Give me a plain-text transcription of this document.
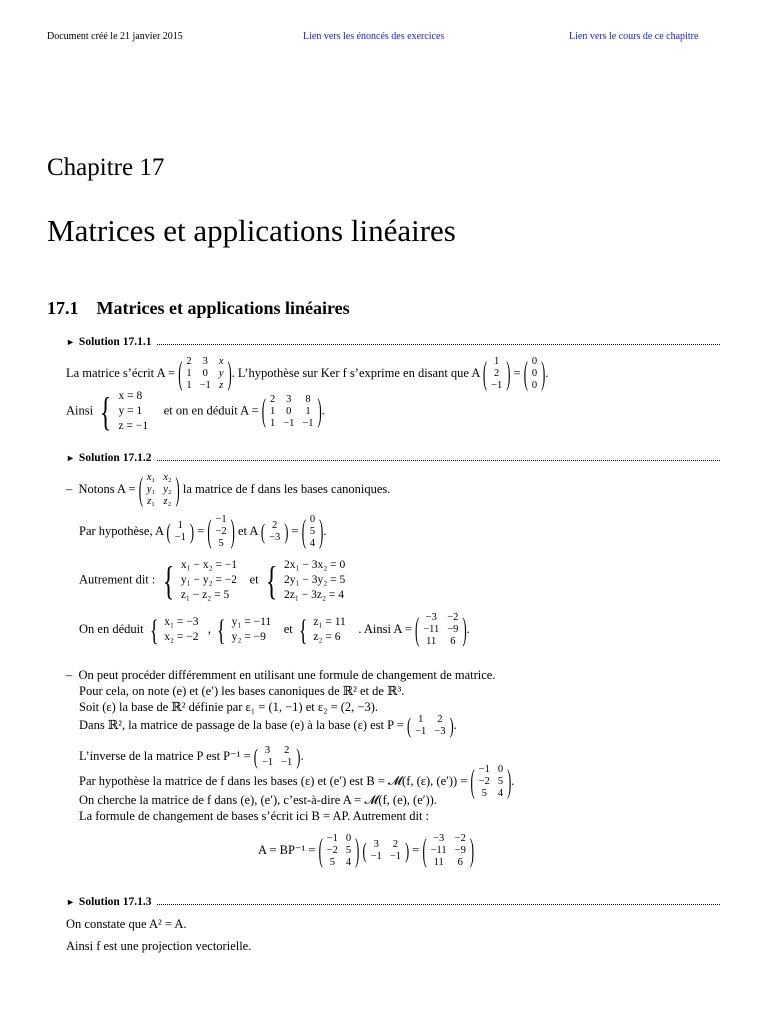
Document créé le 21 janvier 2015	Lien vers les énoncés des exercices	Lien vers le cours de ce chapitre
Chapitre 17
Matrices et applications linéaires
17.1 Matrices et applications linéaires
► Solution 17.1.1
La matrice s’écrit A = ( 2	3	x
1	0	y
1	−1	z ) . L’hypothèse sur Ker f s’exprime en disant que A ( 1
2
−1 ) = ( 0
0
0 ) .
Ainsi { x = 8
y = 1
z = −1
et on en déduit A = ( 2	3	8
1	0	1
1	−1	−1 ) .
► Solution 17.1.2
–  Notons A = ( x₁	x₂
y₁	y₂
z₁	z₂ ) la matrice de f dans les bases canoniques.
Par hypothèse, A ( 1
−1 ) = ( −1
−2
5 ) et A ( 2
−3 ) = ( 0
5
4 ) .
Autrement dit : { x₁ − x₂ = −1
y₁ − y₂ = −2
z₁ − z₂ = 5
et { 2x₁ − 3x₂ = 0
2y₁ − 3y₂ = 5
2z₁ − 3z₂ = 4
On en déduit { x₁ = −3
x₂ = −2
, { y₁ = −11
y₂ = −9
et { z₁ = 11
z₂ = 6
. Ainsi A = ( −3	−2
−11	−9
11	6 ) .
–  On peut procéder différemment en utilisant une formule de changement de matrice.
Pour cela, on note (e) et (e′) les bases canoniques de ℝ² et de ℝ³.
Soit (ε) la base de ℝ² définie par ε₁ = (1, −1) et ε₂ = (2, −3).
Dans ℝ², la matrice de passage de la base (e) à la base (ε) est P = ( 1	2
−1	−3 ) .
L’inverse de la matrice P est P⁻¹ = ( 3	2
−1	−1 ) .
Par hypothèse la matrice de f dans les bases (ε) et (e′) est B = 𝓜(f, (ε), (e′)) = ( −1	0
−2	5
5	4 ) .
On cherche la matrice de f dans (e), (e′), c’est-à-dire A = 𝓜(f, (e), (e′)).
La formule de changement de bases s’écrit ici B = AP. Autrement dit :
A = BP⁻¹ = ( −1	0
−2	5
5	4 )
( 3	2
−1	−1 ) = ( −3	−2
−11	−9
11	6 )
► Solution 17.1.3
On constate que A² = A.
Ainsi f est une projection vectorielle.
